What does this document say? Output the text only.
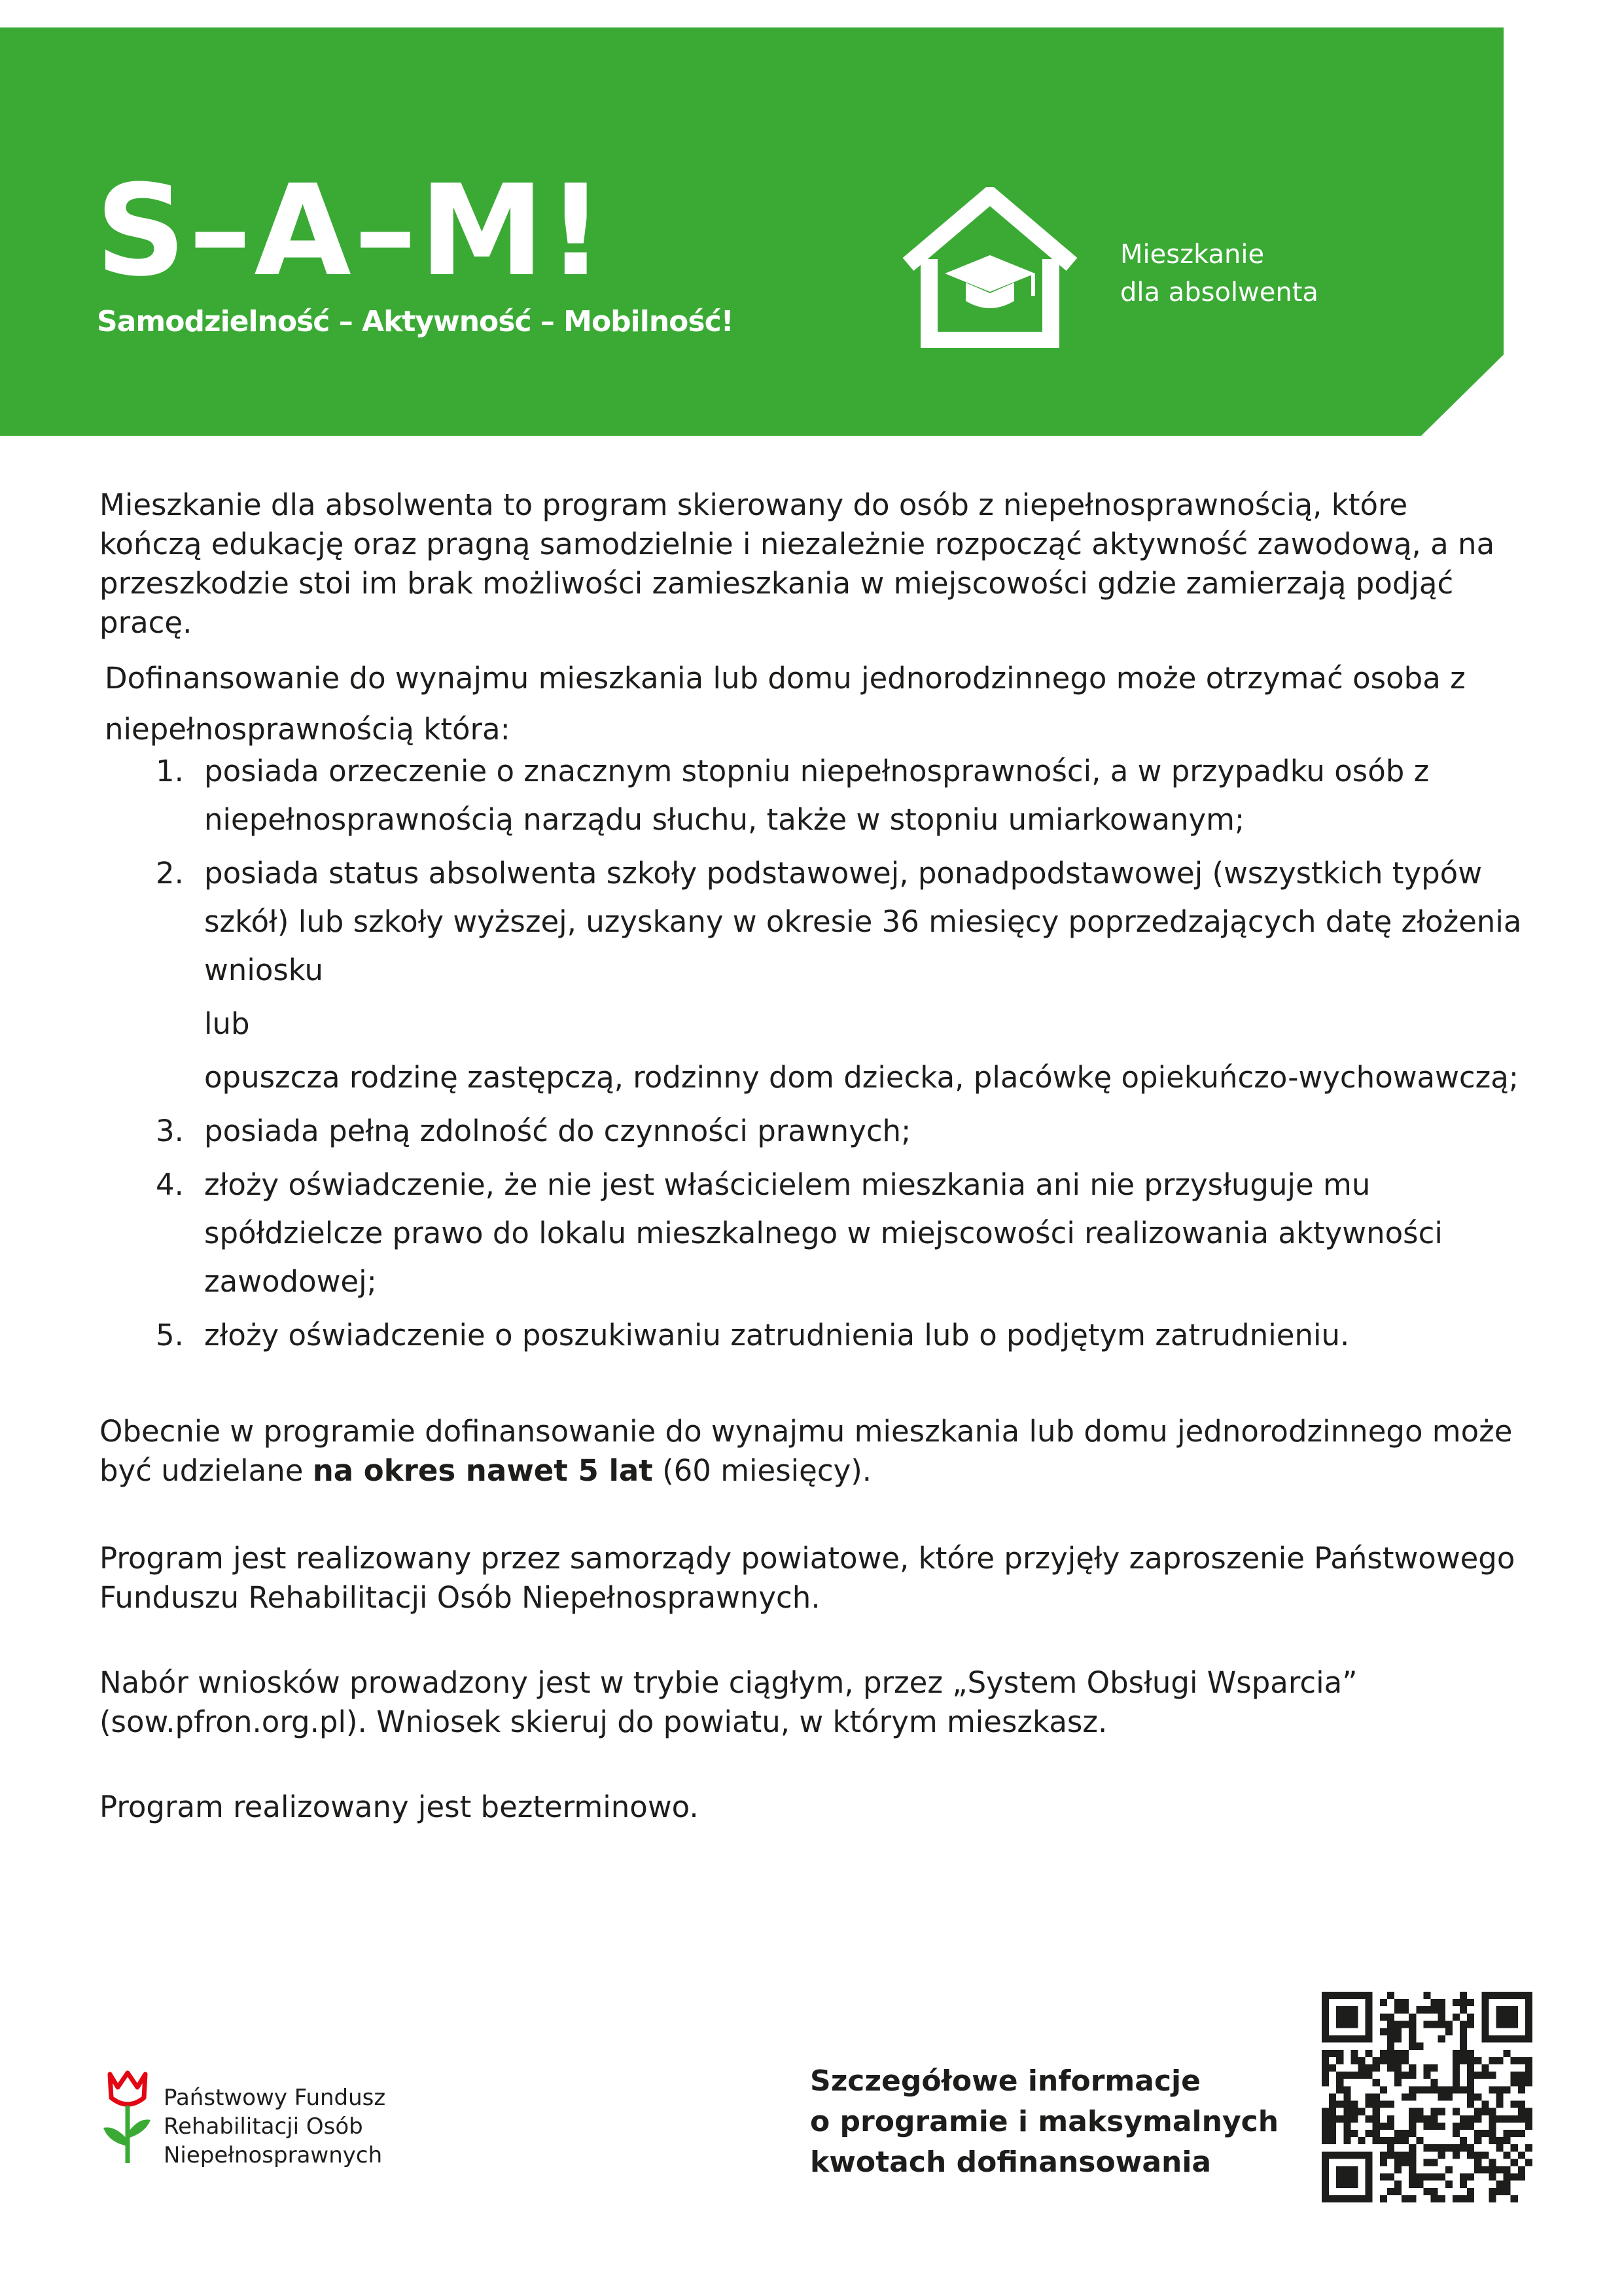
S–A–M!
Samodzielność – Aktywność – Mobilność!
Mieszkanie
dla absolwenta
Mieszkanie dla absolwenta to program skierowany do osób z niepełnosprawnością, które kończą edukację oraz pragną samodzielnie i niezależnie rozpocząć aktywność zawodową, a na przeszkodzie stoi im brak możliwości zamieszkania w miejscowości gdzie zamierzają podjąć pracę.
Dofinansowanie do wynajmu mieszkania lub domu jednorodzinnego może otrzymać osoba z niepełnosprawnością która:
1. posiada orzeczenie o znacznym stopniu niepełnosprawności, a w przypadku osób z niepełnosprawnością narządu słuchu, także w stopniu umiarkowanym;
2. posiada status absolwenta szkoły podstawowej, ponadpodstawowej (wszystkich typów szkół) lub szkoły wyższej, uzyskany w okresie 36 miesięcy poprzedzających datę złożenia wniosku
lub
opuszcza rodzinę zastępczą, rodzinny dom dziecka, placówkę opiekuńczo-wychowawczą;
3. posiada pełną zdolność do czynności prawnych;
4. złoży oświadczenie, że nie jest właścicielem mieszkania ani nie przysługuje mu spółdzielcze prawo do lokalu mieszkalnego w miejscowości realizowania aktywności zawodowej;
5. złoży oświadczenie o poszukiwaniu zatrudnienia lub o podjętym zatrudnieniu.
Obecnie w programie dofinansowanie do wynajmu mieszkania lub domu jednorodzinnego może być udzielane na okres nawet 5 lat (60 miesięcy).
Program jest realizowany przez samorządy powiatowe, które przyjęły zaproszenie Państwowego Funduszu Rehabilitacji Osób Niepełnosprawnych.
Nabór wniosków prowadzony jest w trybie ciągłym, przez „System Obsługi Wsparcia” (sow.pfron.org.pl). Wniosek skieruj do powiatu, w którym mieszkasz.
Program realizowany jest bezterminowo.
Państwowy Fundusz
Rehabilitacji Osób
Niepełnosprawnych
Szczegółowe informacje
o programie i maksymalnych
kwotach dofinansowania
